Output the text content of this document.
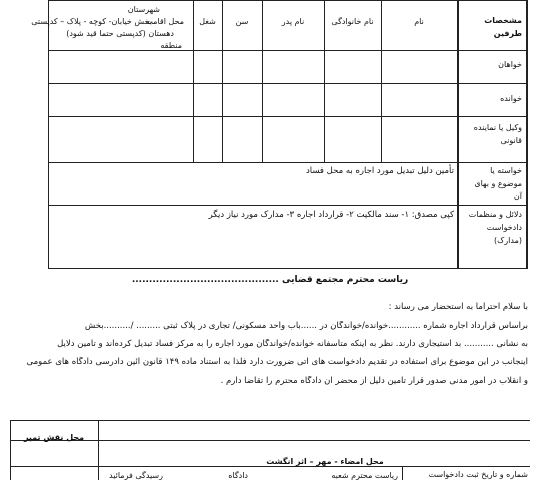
مشخصات طرفین
نام
نام خانوادگی
نام پدر
سن
شغل
محل اقامت
شهرستان
بخش خیابان- کوچه - پلاک – کدپستی
دهستان (کدپستی حتما قید شود)
منطقه
خواهان
خوانده
وکیل یا نماینده قانونی
خواسته یا موضوع و بهای آن
دلائل و منظمات دادخواست (مدارک)
تأمین دلیل تبدیل مورد اجاره به محل فساد
کپی مصدق: ۱- سند مالکیت ۲- قرارداد اجاره ۳- مدارک مورد نیاز دیگر
ریاست محترم مجتمع قضایی ...........................................
با سلام احتراماً به استحضار می رساند :
براساس قرارداد اجاره شماره ............خوانده/خواندگان در ......باب واحد مسکونی/ تجاری در پلاک ثبتی ......... /..........بخش
به نشانی ........... بد استیجاری دارند. نظر به اینکه متأسفانه خوانده/خواندگان مورد اجاره را به مرکز فساد تبدیل کرده‌اند و تأمین دلایل
اینجانب در این موضوع برای استفاده در تقدیم دادخواست های آتی ضرورت دارد فلذا به استناد ماده ۱۴۹ قانون آئین دادرسی دادگاه های عمومی
و انقلاب در امور مدنی صدور قرار تأمین دلیل از محضر آن دادگاه محترم را تقاضا دارم .
محل نقش تمبر
محل امضاء - مهر – اثر انگشت
شماره و تاریخ ثبت دادخواست
ریاست محترم شعبه
دادگاه
رسیدگی فرمائید
